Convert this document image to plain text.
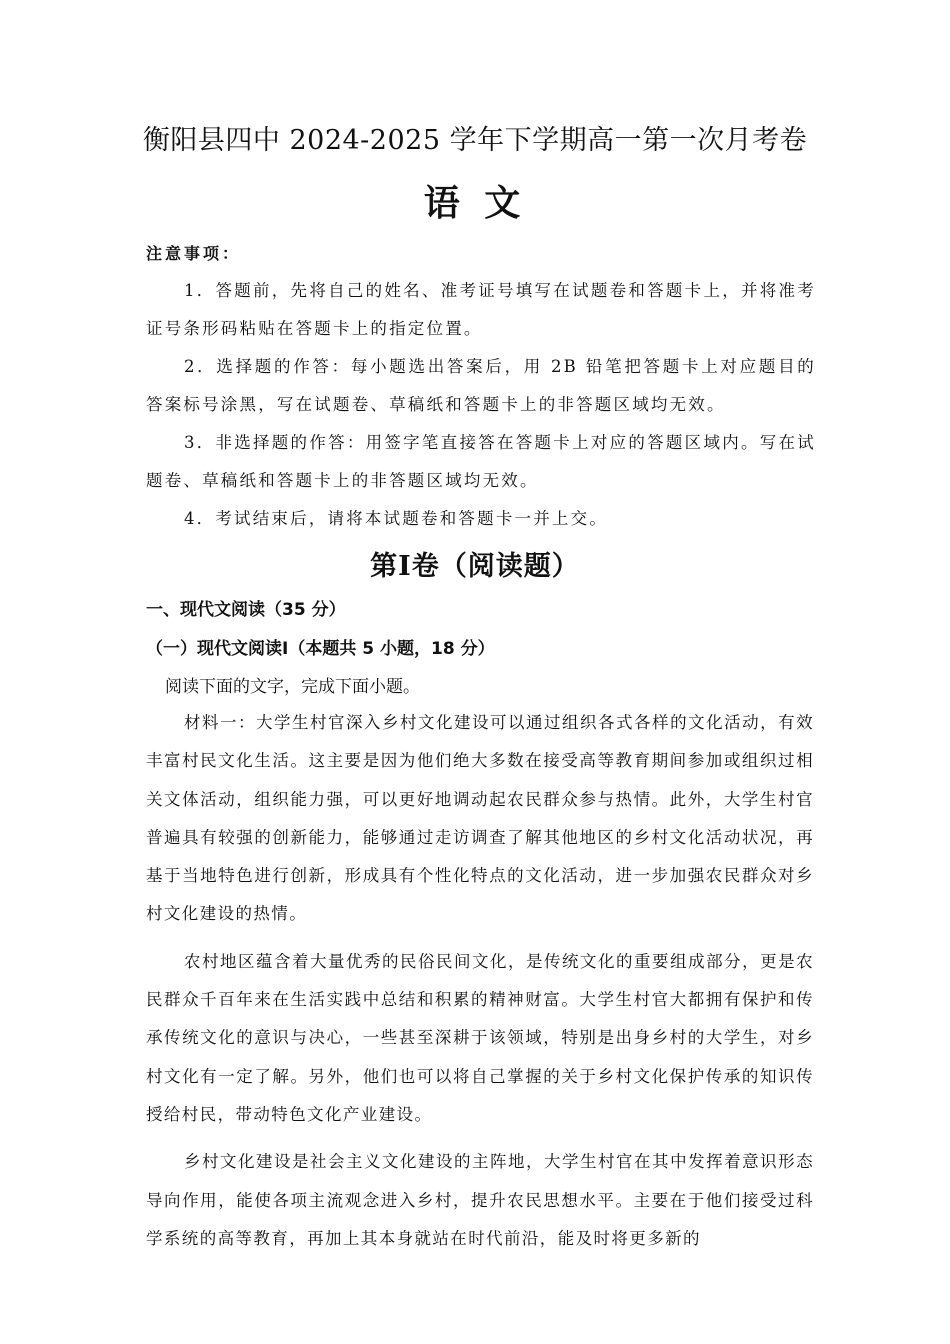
衡阳县四中 2024-2025 学年下学期高一第一次月考卷
语 文
注意事项：
1．答题前，先将自己的姓名、准考证号填写在试题卷和答题卡上，并将准考证号条形码粘贴在答题卡上的指定位置。
2．选择题的作答：每小题选出答案后，用 2B 铅笔把答题卡上对应题目的答案标号涂黑，写在试题卷、草稿纸和答题卡上的非答题区域均无效。
3．非选择题的作答：用签字笔直接答在答题卡上对应的答题区域内。写在试题卷、草稿纸和答题卡上的非答题区域均无效。
4．考试结束后，请将本试题卷和答题卡一并上交。
第Ⅰ卷（阅读题）
一、现代文阅读（35 分）
（一）现代文阅读Ⅰ（本题共 5 小题，18 分）
阅读下面的文字，完成下面小题。

材料一：大学生村官深入乡村文化建设可以通过组织各式各样的文化活动，有效丰富村民文化生活。这主要是因为他们绝大多数在接受高等教育期间参加或组织过相关文体活动，组织能力强，可以更好地调动起农民群众参与热情。此外，大学生村官普遍具有较强的创新能力，能够通过走访调查了解其他地区的乡村文化活动状况，再基于当地特色进行创新，形成具有个性化特点的文化活动，进一步加强农民群众对乡村文化建设的热情。

农村地区蕴含着大量优秀的民俗民间文化，是传统文化的重要组成部分，更是农民群众千百年来在生活实践中总结和积累的精神财富。大学生村官大都拥有保护和传承传统文化的意识与决心，一些甚至深耕于该领域，特别是出身乡村的大学生，对乡村文化有一定了解。另外，他们也可以将自己掌握的关于乡村文化保护传承的知识传授给村民，带动特色文化产业建设。

乡村文化建设是社会主义文化建设的主阵地，大学生村官在其中发挥着意识形态导向作用，能使各项主流观念进入乡村，提升农民思想水平。主要在于他们接受过科学系统的高等教育，再加上其本身就站在时代前沿，能及时将更多新的
